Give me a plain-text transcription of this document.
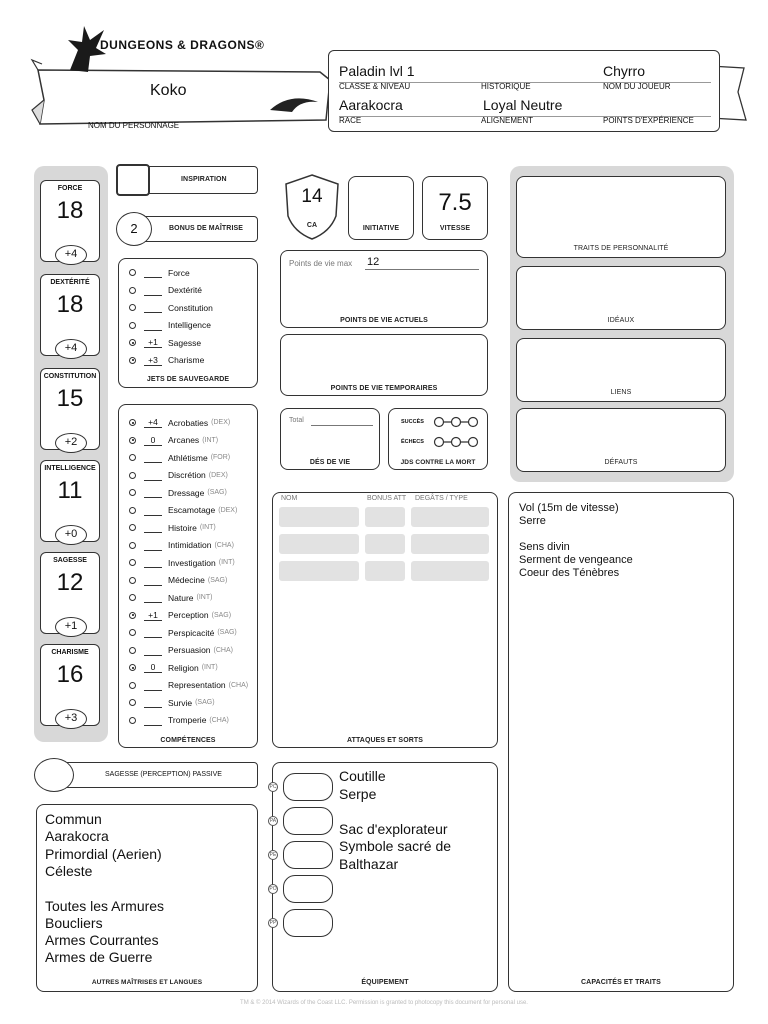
DUNGEONS & DRAGONS®
Koko
NOM DU PERSONNAGE
Paladin lvl 1
CLASSE & NIVEAU	HISTORIQUE
Chyrro
NOM DU JOUEUR
Aarakocra
RACE
Loyal Neutre
ALIGNEMENT	POINTS D'EXPÉRIENCE
FORCE
18
+4
DEXTÉRITÉ
18
+4
CONSTITUTION
15
+2
INTELLIGENCE
11
+0
SAGESSE
12
+1
CHARISME
16
+3
INSPIRATION
BONUS DE MAÎTRISE
2
Force
Dextérité
Constitution
Intelligence
+1	Sagesse
+3	Charisme
JETS DE SAUVEGARDE
+4	Acrobaties (DEX)
0	Arcanes (INT)
Athlétisme (FOR)
Discrétion (DEX)
Dressage (SAG)
Escamotage (DEX)
Histoire (INT)
Intimidation (CHA)
Investigation (INT)
Médecine (SAG)
Nature (INT)
+1	Perception (SAG)
Perspicacité (SAG)
Persuasion (CHA)
0	Religion (INT)
Representation (CHA)
Survie (SAG)
Tromperie (CHA)
COMPÉTENCES
14
CA	INITIATIVE
7.5
VITESSE
Points de vie max 12
POINTS DE VIE ACTUELS
POINTS DE VIE TEMPORAIRES
Total
DÉS DE VIE
SUCCÈS
ÉCHECS
JDS CONTRE LA MORT
TRAITS DE PERSONNALITÉ
IDÉAUX
LIENS
DÉFAUTS
NOM	BONUS ATT DEGÂTS / TYPE
ATTAQUES ET SORTS
Vol (15m de vitesse)
Serre
Sens divin
Serment de vengeance
Coeur des Ténèbres
CAPACITÉS ET TRAITS
SAGESSE (PERCEPTION) PASSIVE
Commun
Aarakocra
Primordial (Aerien)
Céleste
Toutes les Armures
Boucliers
Armes Courrantes
Armes de Guerre
AUTRES MAÎTRISES ET LANGUES
PC
PA
PE
PO
PP
Coutille
Serpe
Sac d'explorateur
Symbole sacré de
Balthazar
ÉQUIPEMENT
TM & © 2014 Wizards of the Coast LLC. Permission is granted to photocopy this document for personal use.
